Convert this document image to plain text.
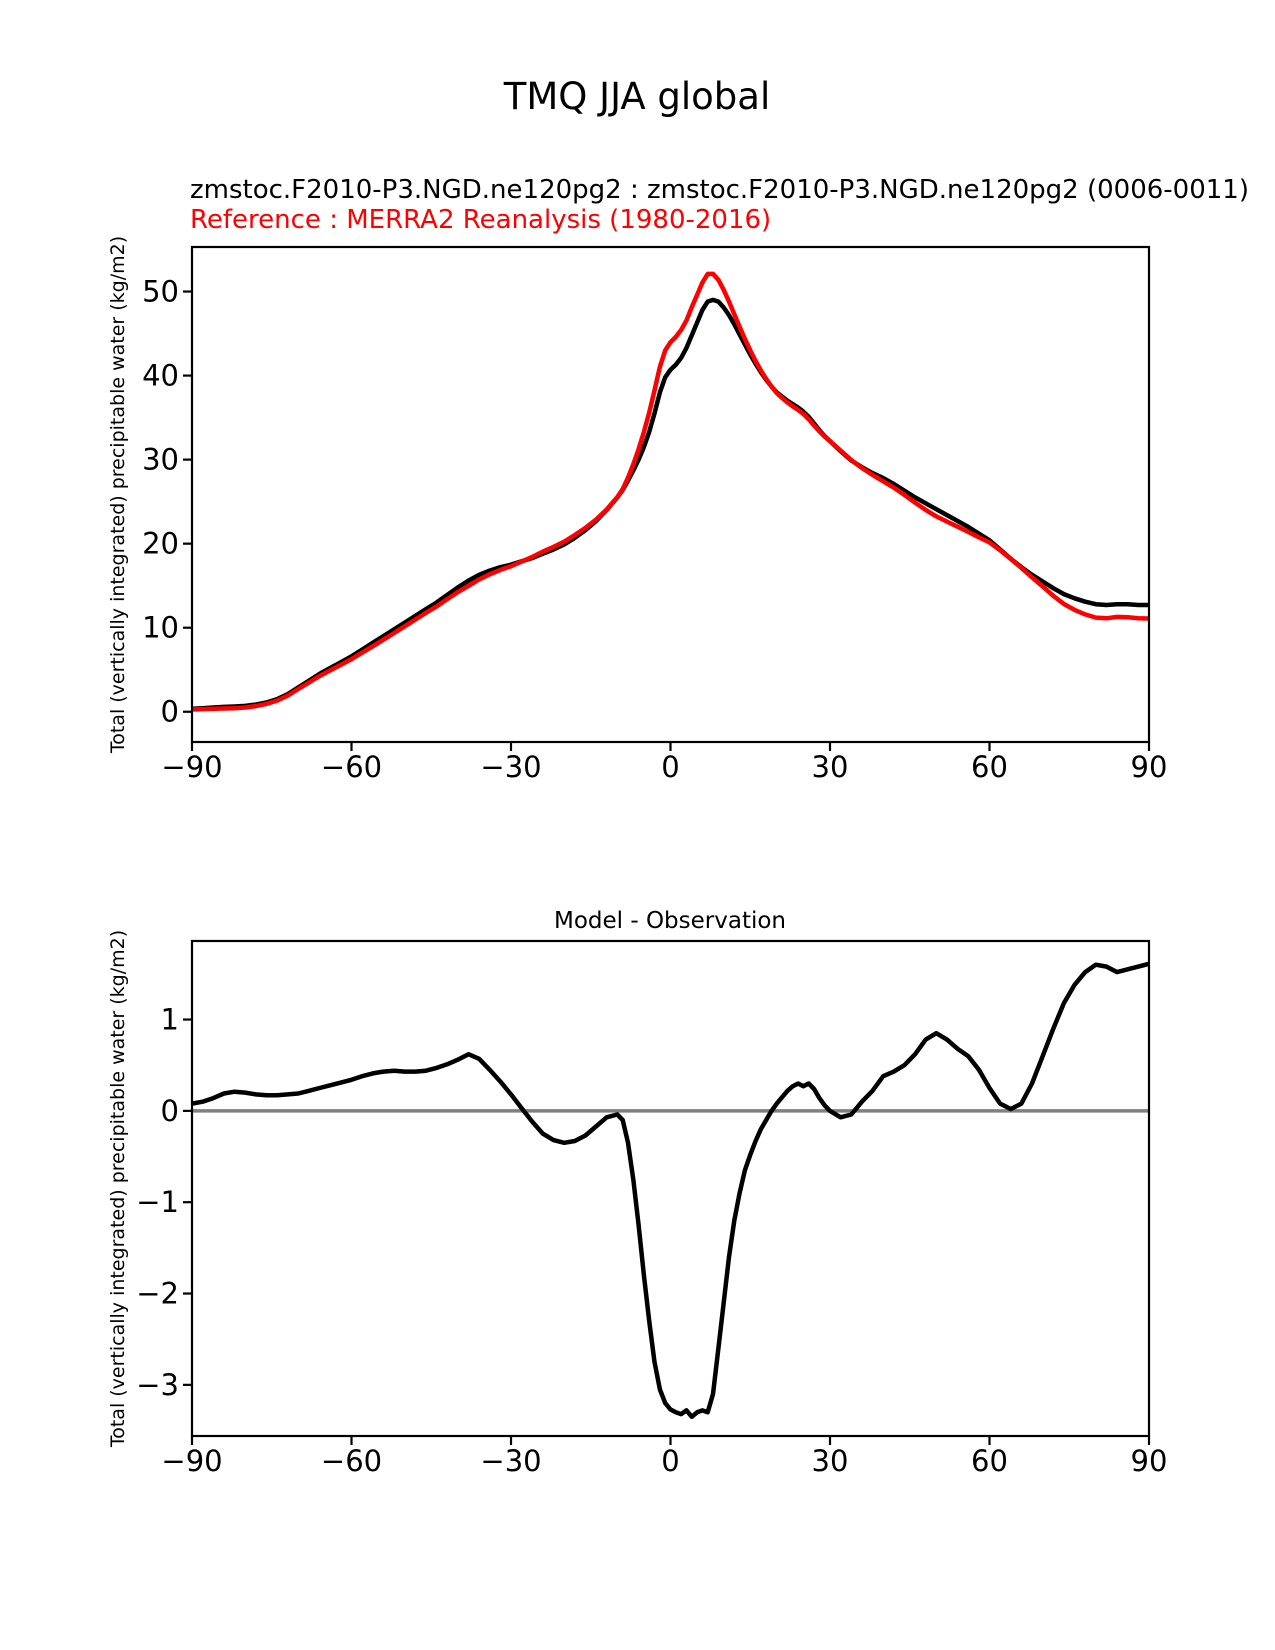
−90	−60	−30	0	30	60	90
0
10
20
30
40
50
−90	−60	−30	0	30	60	90
1
0
−1
−2
−3
TMQ JJA global
zmstoc.F2010-P3.NGD.ne120pg2 : zmstoc.F2010-P3.NGD.ne120pg2 (0006-0011)
Reference : MERRA2 Reanalysis (1980-2016)
Total (vertically integrated) precipitable water (kg/m2)
Total (vertically integrated) precipitable water (kg/m2)
Model - Observation
